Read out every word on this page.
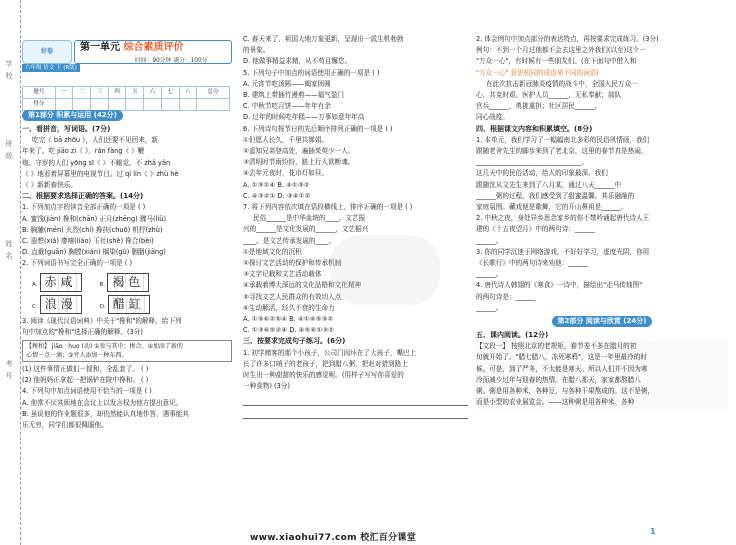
学
校
班
级
姓
名
考
号
好卷	第一单元 综合素质评价
时间：90分钟 满分：100分
六年级 语文 下 (R版)
题号	一	二	三	四	五	六	七	八	总分
得分									
第1部分 积累与运用 (42分)
一、看拼音，写词语。(7分)
吃完《 bā zhōu 》，人们还要不见回来，新
年来了。吃 jiāo zi《 》，rán fàng《 》鞭
炮、守岁的人们 yōng sī《 》不睡觉。不 zhǎ yǎn
《 》地看着屏幕里的电视节目。过 qí lín《 》zhù hè
《 》新新春快乐。
二、根据要求选择正确的答案。(14分)
1. 下列加点字的读音全部正确的一项是 ( )
A. 蜜饯(jiàn) 搀和(chān) 正月(zhēng) 骤马(liǔ)
B. 胸脯(mén) 火烈(chí) 搀扶(chuō) 机杼(zhù)
C. 遐想(xiá) 廖瘳(liáo) 玉社(shè) 搀合(bèi)
D. 直截(guān) 胸膛(xián) 榈染(gū) 胭胭(jiāng)
2. 下列词语书写完全正确的一项是 ( )
A. 赤咸	B. 褐色
C. 浪漫	D. 醋缸
3. 阅读《现代汉语词典》中关于"搀和"的解释，给下列
句中加点的"搀和"选择正确的解释。(3分)
【搀和】 jiāo · huo (动) ①参与其中；掺合。②加添了新的
心情一点一滴；③旁人添加一种东西。
(1) 这件事情正做们一搅和，全乱套了。 ( )
(2) 他妈妈正拿起一把锅铲在院中搀和。 ( )
4. 下列句中加点词语使用不恰当的一项是 ( )
A. 他常不厌其烦地在会议上以发言权为他方提出意见。
B. 虽说他的作业题很多，却仍然能认真地作答，遇事能其
乐无穷，同学们都很佩服他。
C. 春天来了，祖国大地万象更新，呈现出一派生机勃勃
的景象。
D. 他做事精益求精，从不苟且懈怠。
5. 下列句子中加点的词语使用正确的一项是 ( )
A. 元宵节吃汤圆——阖家团圆
B. 建筑上带插竹漫剪——福气盈门
C. 中秋节吃月饼——年年有余
D. 过年的时候吃年糕——万事如意年年高
6. 下列诗句按节日的先后顺序排列正确的一项是 ( )
①但愿人长久，千里共婵娟。
②遥知兄弟登高处，遍插茱萸少一人。
③清明时节雨纷纷，路上行人欲断魂。
④去年元夜时，花市灯如昼。
A. ①③②④ B. ④①③②
C. ④③②① D. ③④①②
7. 将下列内容依次填在语段横线上，排序正确的一项是 ( )
民俗______是中华血统的____，文艺振
兴的______是文化发展的______，文艺振兴
____。是文艺传承发展的____。
①是地域文化的沉积
②探讨文艺活动的保护和传承机制
③文字记载和文艺活动载体
④承载着博大深远的文化品格和文化精神
⑤寻找文艺人民群众的有效切入点
⑥生动解活，经久不衰的生命力
A. ①③⑥②⑤④ B. ④①⑥⑤③②
C. ①③⑥⑤②④ D. ④⑤⑥①③②
三、按要求完成句子练习。(6分)
1. 初学赌客的那个小孩子，公司门间坏在了大孩子，嘴巴上
长了许多口哨子的老孩子，把到腊八粥，把赶对猎到路上
时生出一种甜甜的快乐的感觉呢。(用样子写写你喜爱的
一种食物) (3分)
2. 体会例句中加点部分的表达特点，再按要求完成练习。(3分)
例句：不到一个月过他都不会去这里之外我们(以至)这个一
"万众一心"，有时候有一些朋友们。(在下面句中借入和
"万众一心" 意思相同的成语来不同的词语)
在此次抗击新冠肺炎疫情的战斗中，全国人民万众一
心，共克时艰。医护人员______，无私奉献；部队
官兵______，勇挑重担；社区居民______，
同心战疫。
四、根据课文内容和积累填空。(8分)
1. 本单元，我们学习了一幅幅南北多彩的民俗风情画，我们
跟随老舍先生的脚步来到了老北京，这里的春节真是热闹，
________________________________。
这几天中的民俗活动，给人的印象最深。我们
跟随沈从文先生来到了八月某，通过八天______中
______粥的过程，我们感受到了甜蜜温馨。其乐融融的
家庭氛围。藏戏便是歌舞，它的开山鼻祖是______。
2. 中秋之夜，身处异乡思念家乡的你不禁吟诵起唐代诗人王
建的《十五夜望月》中的两句诗：______
______。
3. 你的同学沉迷于网络游戏，不好好学习，虚度光阴，你用
《长歌行》中的两句诗来劝他：______
______。
4. 唐代诗人韩翃的《寒食》一诗中，描绘出"走马传烛图"
的两句诗是：______
______。
第2部分 阅读与欣赏 (24分)
五、课内阅读。(12分)
【文段一】 按照北京的老规矩，春节差不多在腊月的初
旬就开始了。"腊七腊八，冻死寒鸦"，这是一年里最冷的时
候。可是，到了严冬，不太能是寒天。所以人们并不因为寒
冷而减少过年与迎春的热情。在腊八那天，家家都熬腊八
粥。粥是用各种米，各种豆，与各种干果熬成的。这不是粥，
而是小型的农业展览会。——这种粥是用各种米、各种
www.xiaohui77.com 校汇百分课堂
1
